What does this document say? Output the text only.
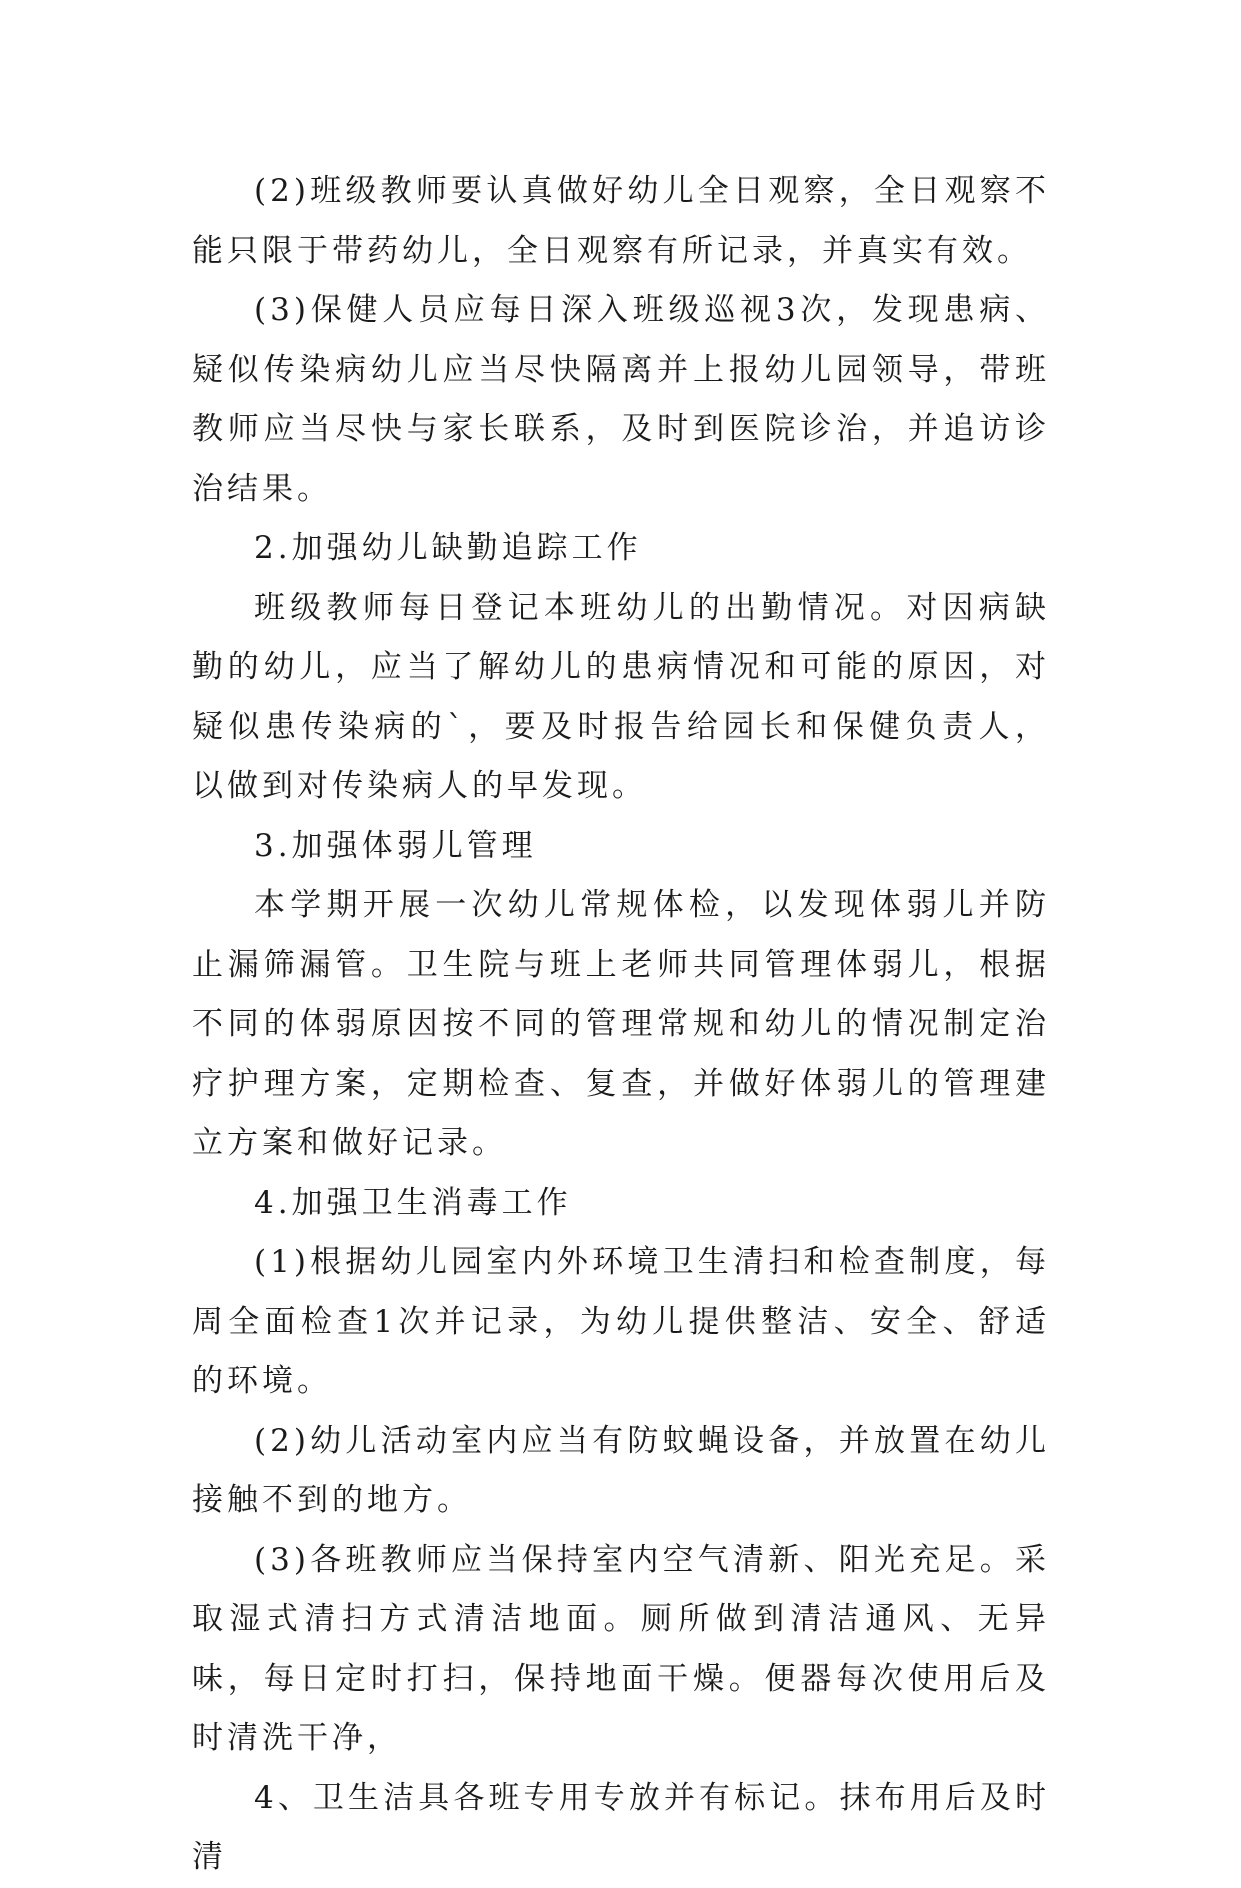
(2)班级教师要认真做好幼儿全日观察，全日观察不能只限于带药幼儿，全日观察有所记录，并真实有效。

(3)保健人员应每日深入班级巡视3次，发现患病、疑似传染病幼儿应当尽快隔离并上报幼儿园领导，带班教师应当尽快与家长联系，及时到医院诊治，并追访诊治结果。

2.加强幼儿缺勤追踪工作

班级教师每日登记本班幼儿的出勤情况。对因病缺勤的幼儿，应当了解幼儿的患病情况和可能的原因，对疑似患传染病的`，要及时报告给园长和保健负责人，以做到对传染病人的早发现。

3.加强体弱儿管理

本学期开展一次幼儿常规体检，以发现体弱儿并防止漏筛漏管。卫生院与班上老师共同管理体弱儿，根据不同的体弱原因按不同的管理常规和幼儿的情况制定治疗护理方案，定期检查、复查，并做好体弱儿的管理建立方案和做好记录。

4.加强卫生消毒工作

(1)根据幼儿园室内外环境卫生清扫和检查制度，每周全面检查1次并记录，为幼儿提供整洁、安全、舒适的环境。

(2)幼儿活动室内应当有防蚊蝇设备，并放置在幼儿接触不到的地方。

(3)各班教师应当保持室内空气清新、阳光充足。采取湿式清扫方式清洁地面。厕所做到清洁通风、无异味，每日定时打扫，保持地面干燥。便器每次使用后及时清洗干净，

4、卫生洁具各班专用专放并有标记。抹布用后及时清
